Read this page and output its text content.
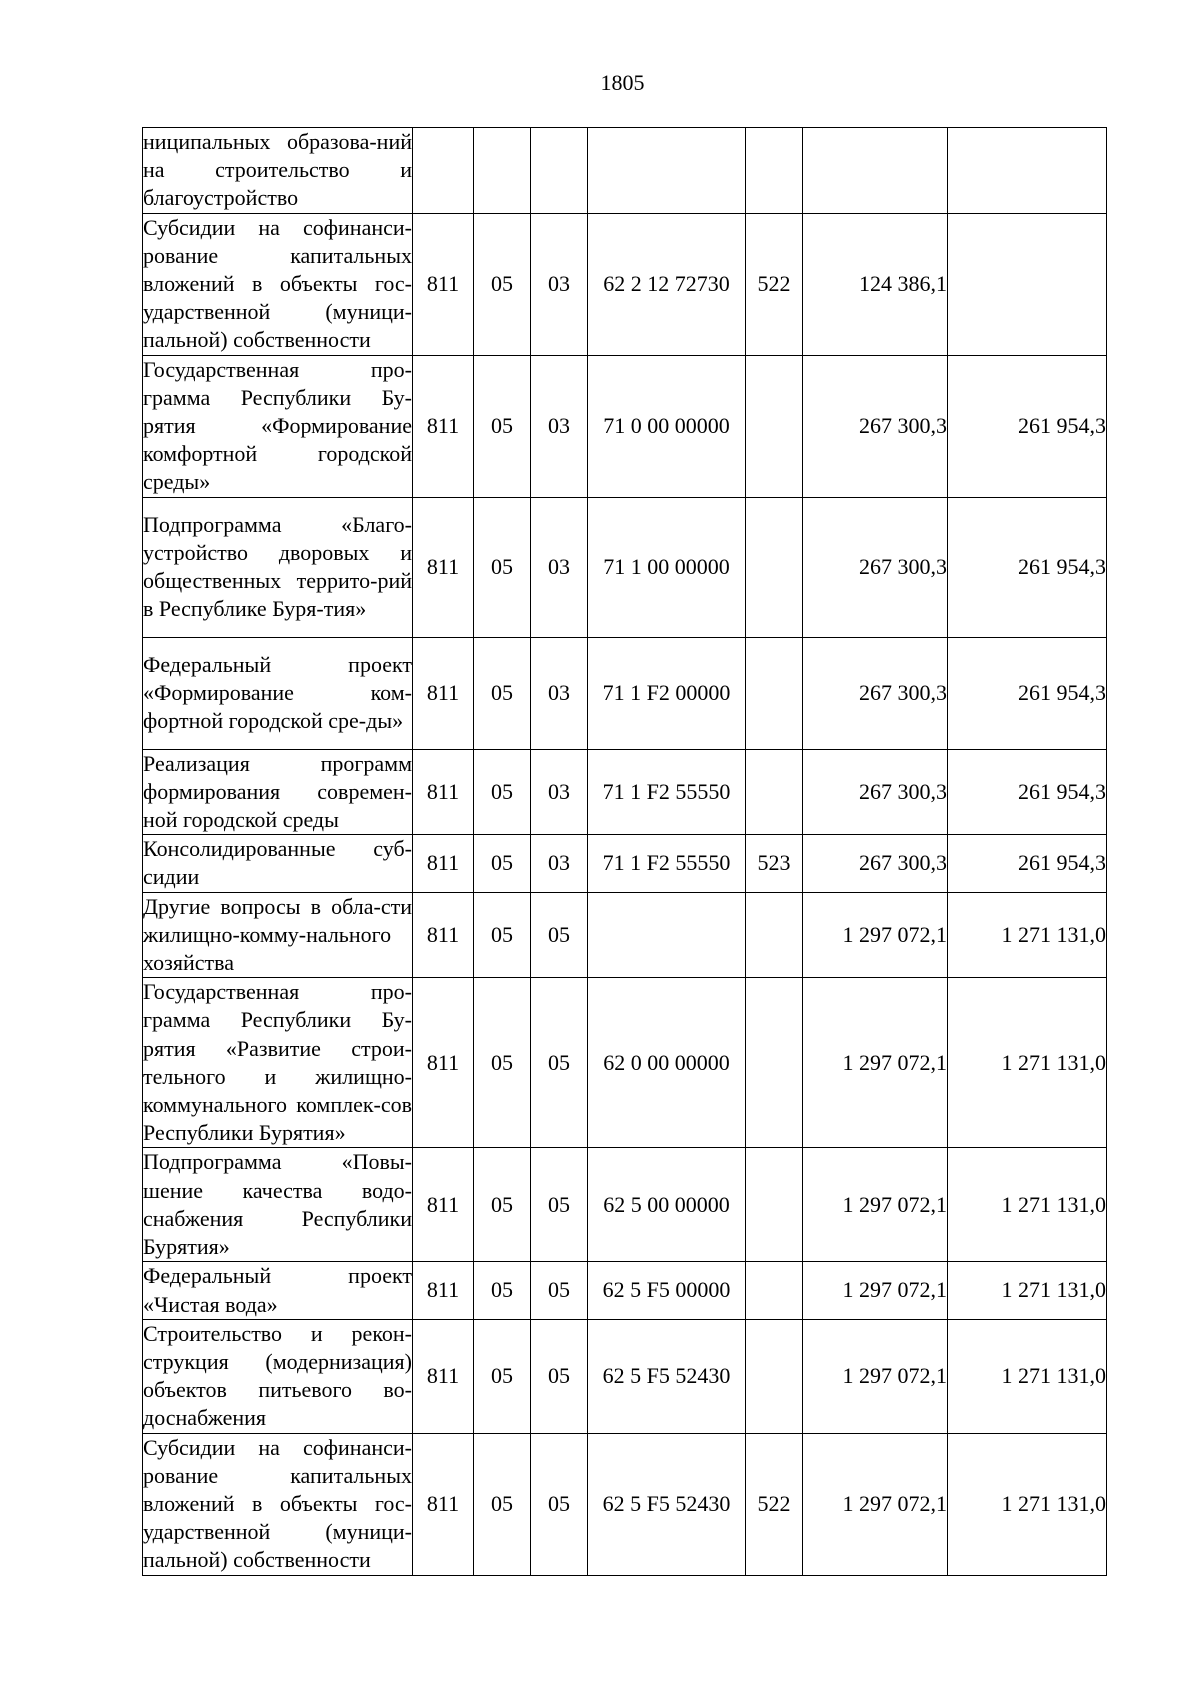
1805
ниципальных образова-ний на строительство и благоустройство							
Субсидии на софинанси-рование капитальных вложений в объекты гос-ударственной (муници-пальной) собственности	811	05	03	62 2 12 72730	522	124 386,1	
Государственная про-грамма Республики Бу-рятия «Формирование комфортной городской среды»	811	05	03	71 0 00 00000		267 300,3	261 954,3
Подпрограмма «Благо-устройство дворовых и общественных террито-рий в Республике Буря-тия»	811	05	03	71 1 00 00000		267 300,3	261 954,3
Федеральный проект «Формирование ком-фортной городской сре-ды»	811	05	03	71 1 F2 00000		267 300,3	261 954,3
Реализация программ формирования современ-ной городской среды	811	05	03	71 1 F2 55550		267 300,3	261 954,3
Консолидированные суб-сидии	811	05	03	71 1 F2 55550	523	267 300,3	261 954,3
Другие вопросы в обла-сти жилищно-комму-нального хозяйства	811	05	05			1 297 072,1	1 271 131,0
Государственная про-грамма Республики Бу-рятия «Развитие строи-тельного и жилищно-коммунального комплек-сов Республики Бурятия»	811	05	05	62 0 00 00000		1 297 072,1	1 271 131,0
Подпрограмма «Повы-шение качества водо-снабжения Республики Бурятия»	811	05	05	62 5 00 00000		1 297 072,1	1 271 131,0
Федеральный проект «Чистая вода»	811	05	05	62 5 F5 00000		1 297 072,1	1 271 131,0
Строительство и рекон-струкция (модернизация) объектов питьевого во-доснабжения	811	05	05	62 5 F5 52430		1 297 072,1	1 271 131,0
Субсидии на софинанси-рование капитальных вложений в объекты гос-ударственной (муници-пальной) собственности	811	05	05	62 5 F5 52430	522	1 297 072,1	1 271 131,0
